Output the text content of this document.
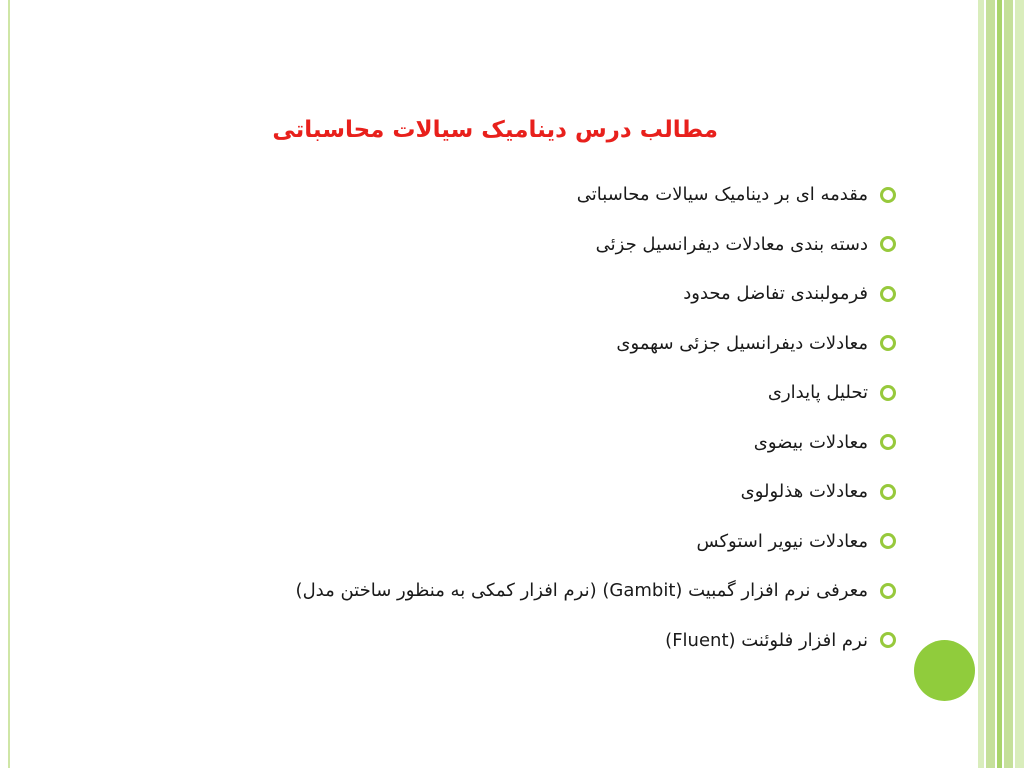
مطالب درس دینامیک سیالات محاسباتی
مقدمه ای بر دینامیک سیالات محاسباتی
دسته بندی معادلات دیفرانسیل جزئی
فرمولبندی تفاضل محدود
معادلات دیفرانسیل جزئی سهموی
تحلیل پایداری
معادلات بیضوی
معادلات هذلولوی
معادلات نیویر استوکس
معرفی نرم افزار گمبیت (Gambit) (نرم افزار کمکی به منظور ساختن مدل)
نرم افزار فلوئنت (Fluent)
